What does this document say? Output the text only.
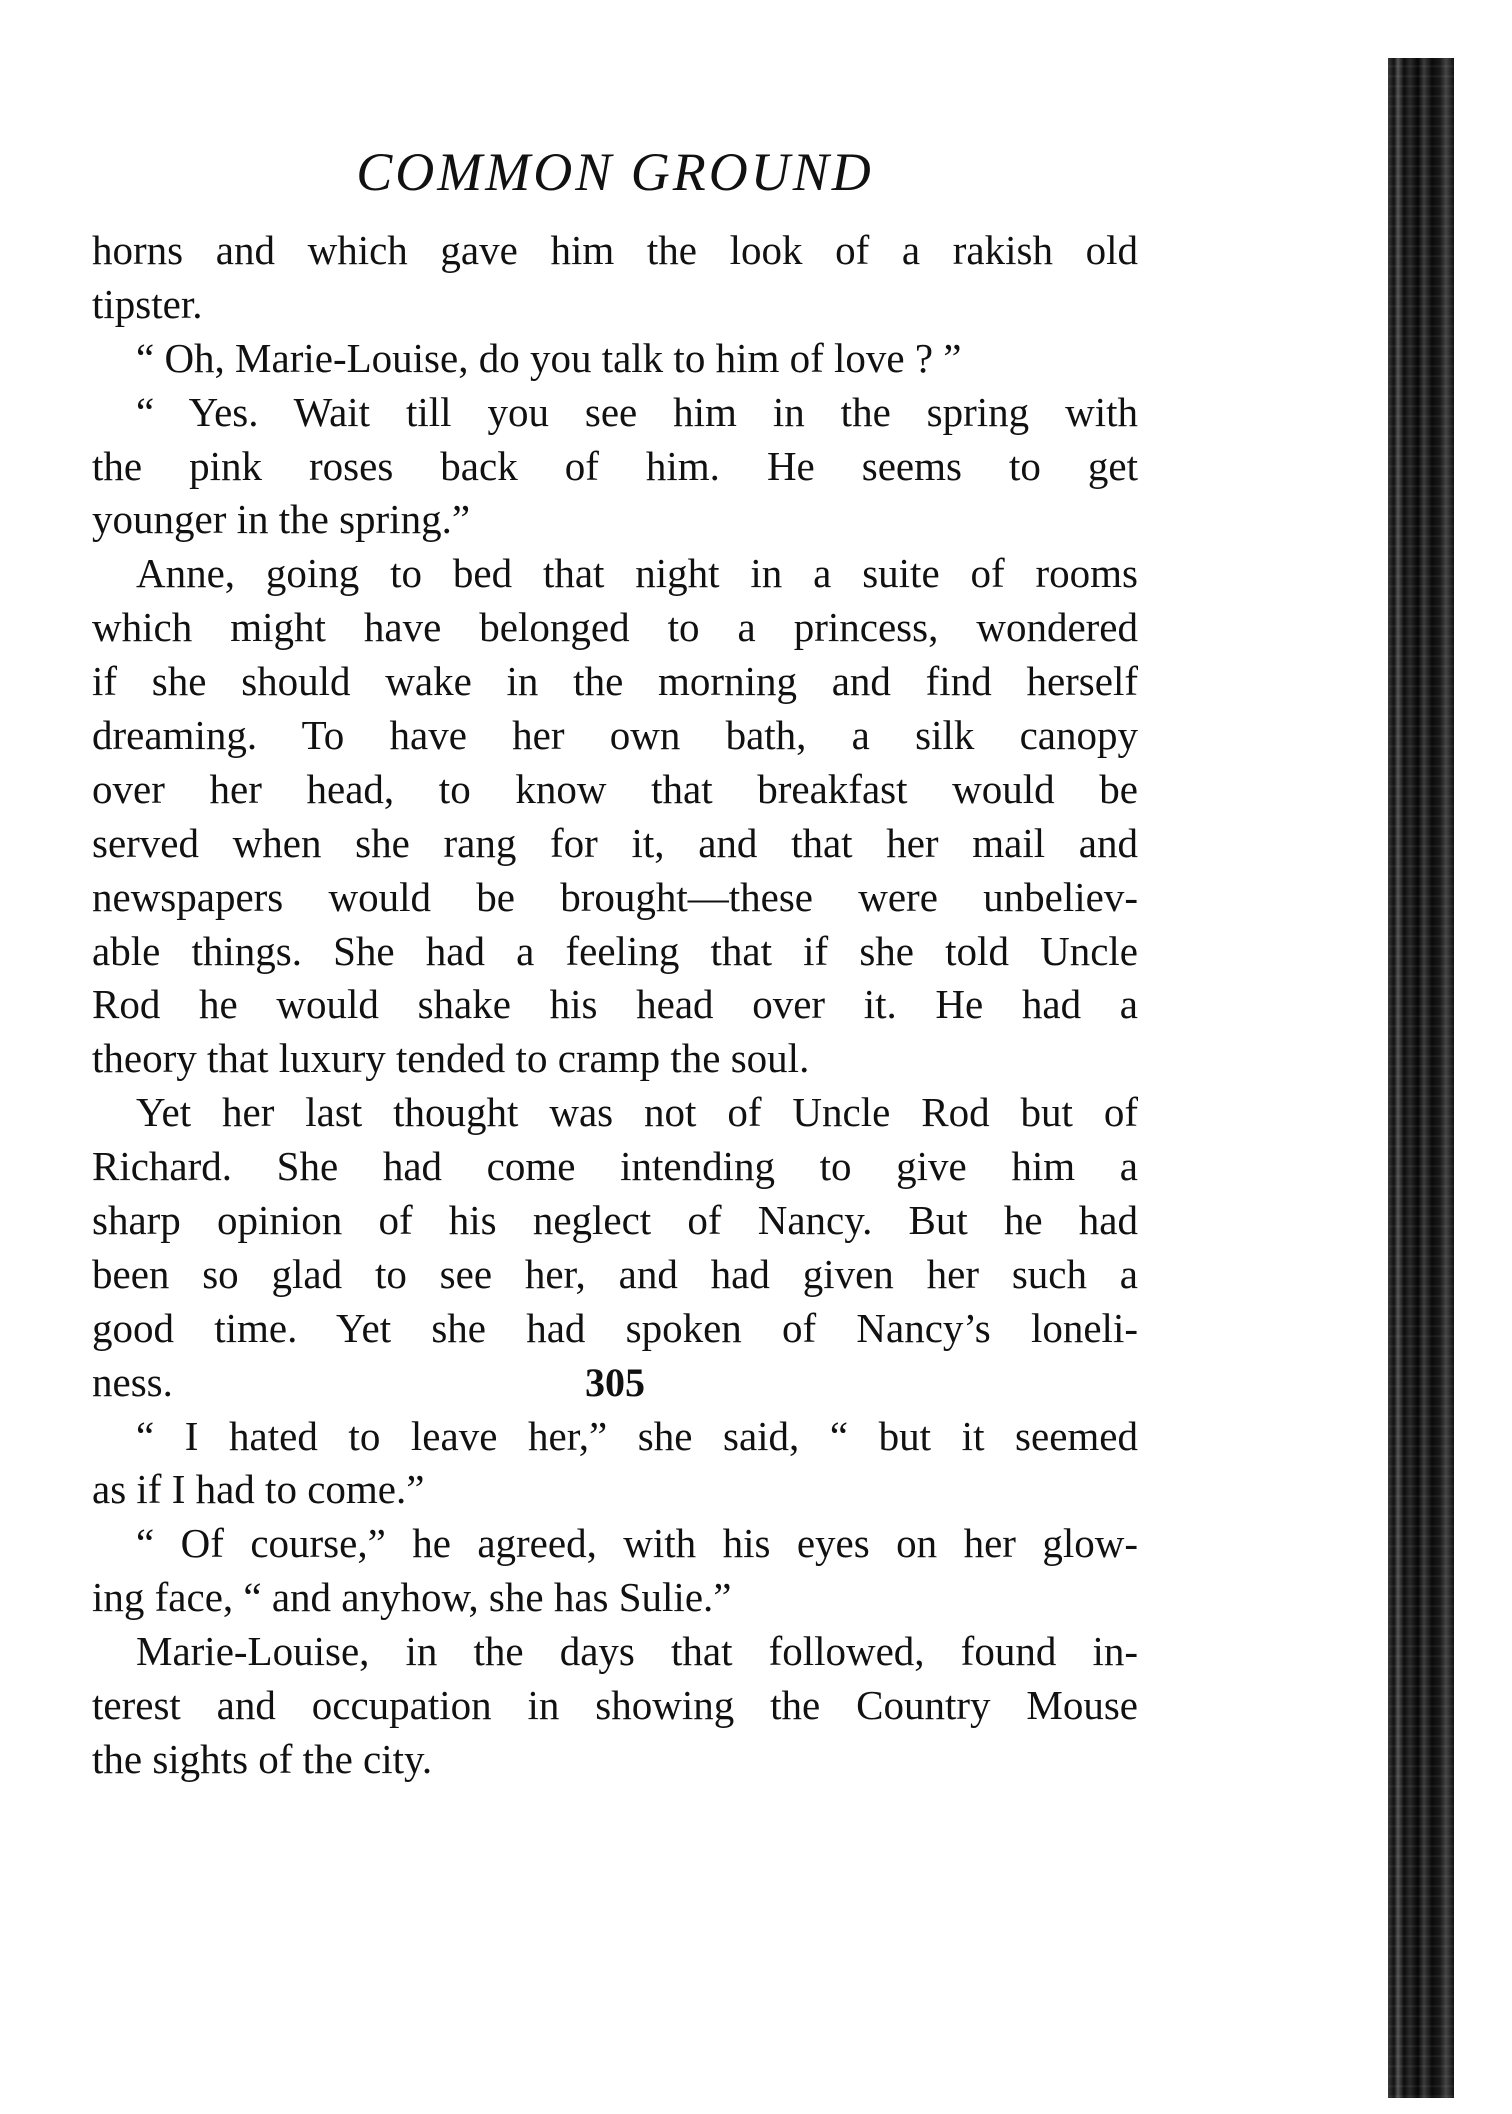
COMMON GROUND
horns and which gave him the look of a rakish old
tipster.
“ Oh, Marie-Louise, do you talk to him of love ? ”
“ Yes. Wait till you see him in the spring with
the pink roses back of him. He seems to get
younger in the spring.”
Anne, going to bed that night in a suite of rooms
which might have belonged to a princess, wondered
if she should wake in the morning and find herself
dreaming. To have her own bath, a silk canopy
over her head, to know that breakfast would be
served when she rang for it, and that her mail and
newspapers would be brought—these were unbeliev-
able things. She had a feeling that if she told Uncle
Rod he would shake his head over it. He had a
theory that luxury tended to cramp the soul.
Yet her last thought was not of Uncle Rod but of
Richard. She had come intending to give him a
sharp opinion of his neglect of Nancy. But he had
been so glad to see her, and had given her such a
good time. Yet she had spoken of Nancy’s loneli-
ness.
“ I hated to leave her,” she said, “ but it seemed
as if I had to come.”
“ Of course,” he agreed, with his eyes on her glow-
ing face, “ and anyhow, she has Sulie.”
Marie-Louise, in the days that followed, found in-
terest and occupation in showing the Country Mouse
the sights of the city.
305
